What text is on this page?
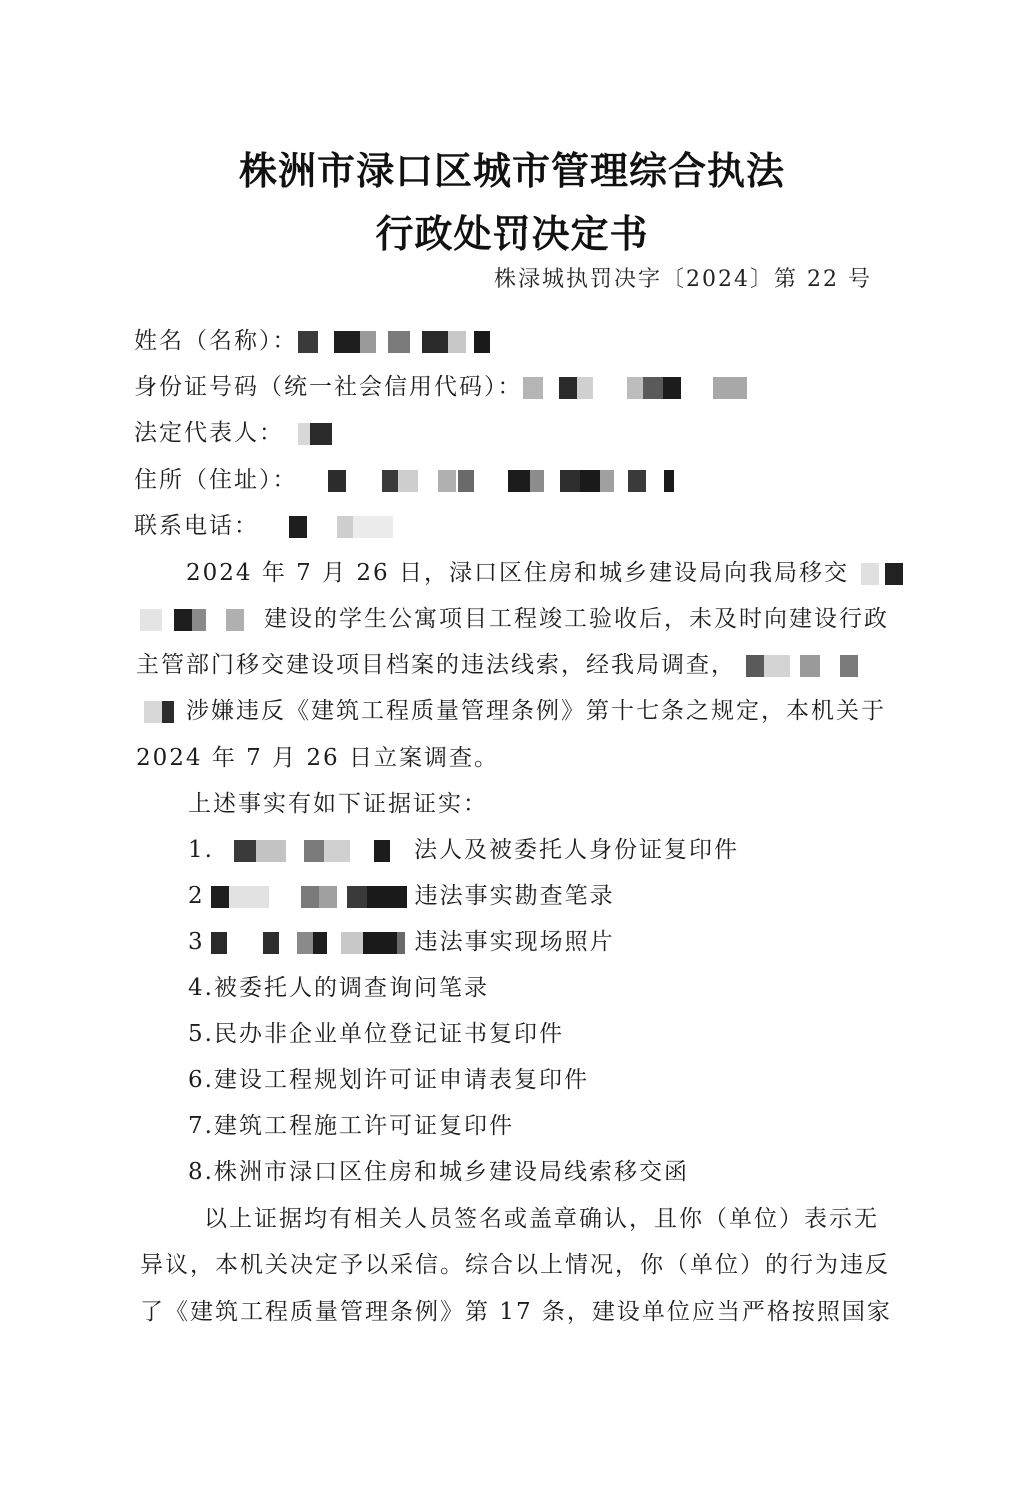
株洲市渌口区城市管理综合执法
行政处罚决定书
株渌城执罚决字〔2024〕第 22 号
姓名（名称）：
身份证号码（统一社会信用代码）：
法定代表人：
住所（住址）：
联系电话：
2024 年 7 月 26 日，渌口区住房和城乡建设局向我局移交
建设的学生公寓项目工程竣工验收后，未及时向建设行政
主管部门移交建设项目档案的违法线索，经我局调查，
涉嫌违反《建筑工程质量管理条例》第十七条之规定，本机关于
2024 年 7 月 26 日立案调查。
上述事实有如下证据证实：
1.	法人及被委托人身份证复印件
2	违法事实勘查笔录
3	违法事实现场照片
4.被委托人的调查询问笔录
5.民办非企业单位登记证书复印件
6.建设工程规划许可证申请表复印件
7.建筑工程施工许可证复印件
8.株洲市渌口区住房和城乡建设局线索移交函
以上证据均有相关人员签名或盖章确认，且你（单位）表示无
异议，本机关决定予以采信。综合以上情况，你（单位）的行为违反
了《建筑工程质量管理条例》第 17 条，建设单位应当严格按照国家
